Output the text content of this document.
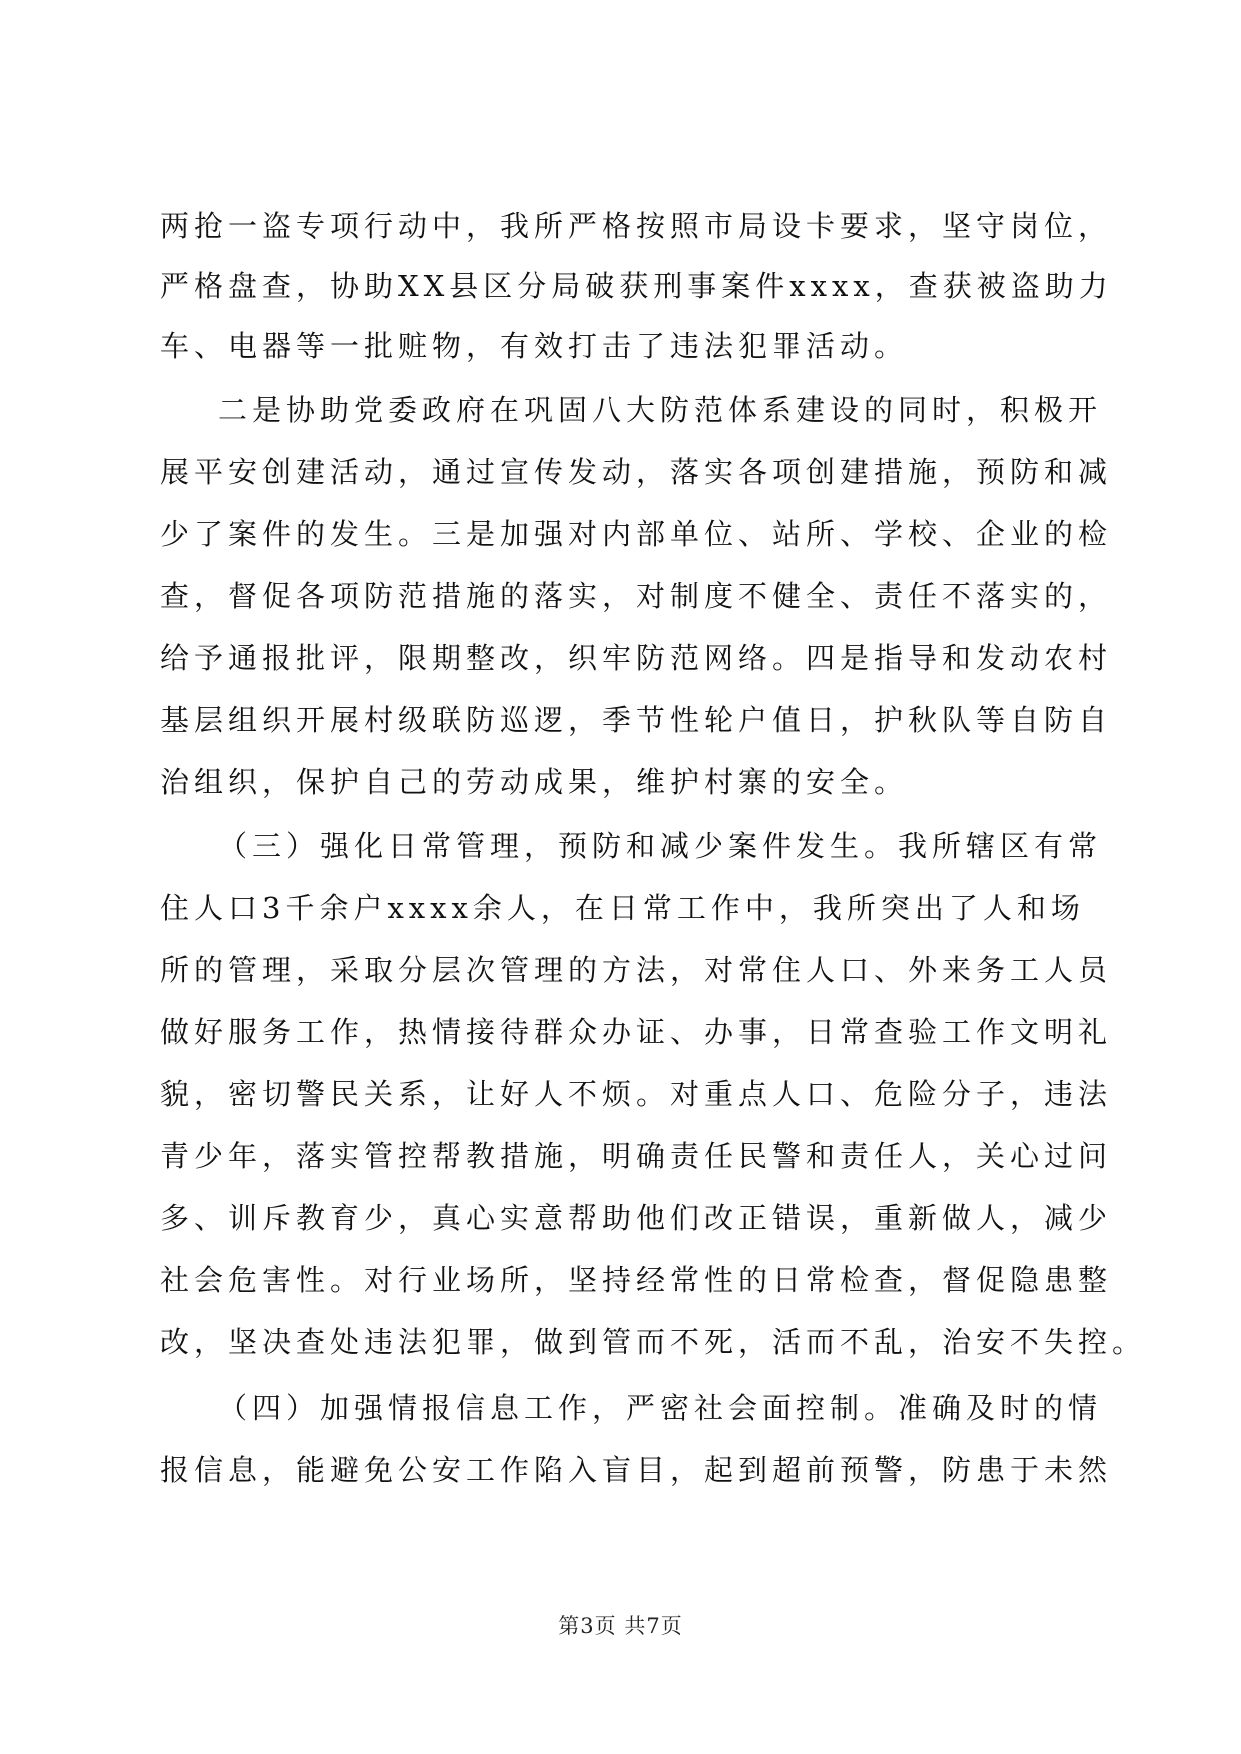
两抢一盗专项行动中，我所严格按照市局设卡要求，坚守岗位，
严格盘查，协助XX县区分局破获刑事案件xxxx，查获被盗助力
车、电器等一批赃物，有效打击了违法犯罪活动。
二是协助党委政府在巩固八大防范体系建设的同时，积极开
展平安创建活动，通过宣传发动，落实各项创建措施，预防和减
少了案件的发生。三是加强对内部单位、站所、学校、企业的检
查，督促各项防范措施的落实，对制度不健全、责任不落实的，
给予通报批评，限期整改，织牢防范网络。四是指导和发动农村
基层组织开展村级联防巡逻，季节性轮户值日，护秋队等自防自
治组织，保护自己的劳动成果，维护村寨的安全。
（三）强化日常管理，预防和减少案件发生。我所辖区有常
住人口3千余户xxxx余人，在日常工作中，我所突出了人和场
所的管理，采取分层次管理的方法，对常住人口、外来务工人员
做好服务工作，热情接待群众办证、办事，日常查验工作文明礼
貌，密切警民关系，让好人不烦。对重点人口、危险分子，违法
青少年，落实管控帮教措施，明确责任民警和责任人，关心过问
多、训斥教育少，真心实意帮助他们改正错误，重新做人，减少
社会危害性。对行业场所，坚持经常性的日常检查，督促隐患整
改，坚决查处违法犯罪，做到管而不死，活而不乱，治安不失控。
（四）加强情报信息工作，严密社会面控制。准确及时的情
报信息，能避免公安工作陷入盲目，起到超前预警，防患于未然
第3页 共7页
